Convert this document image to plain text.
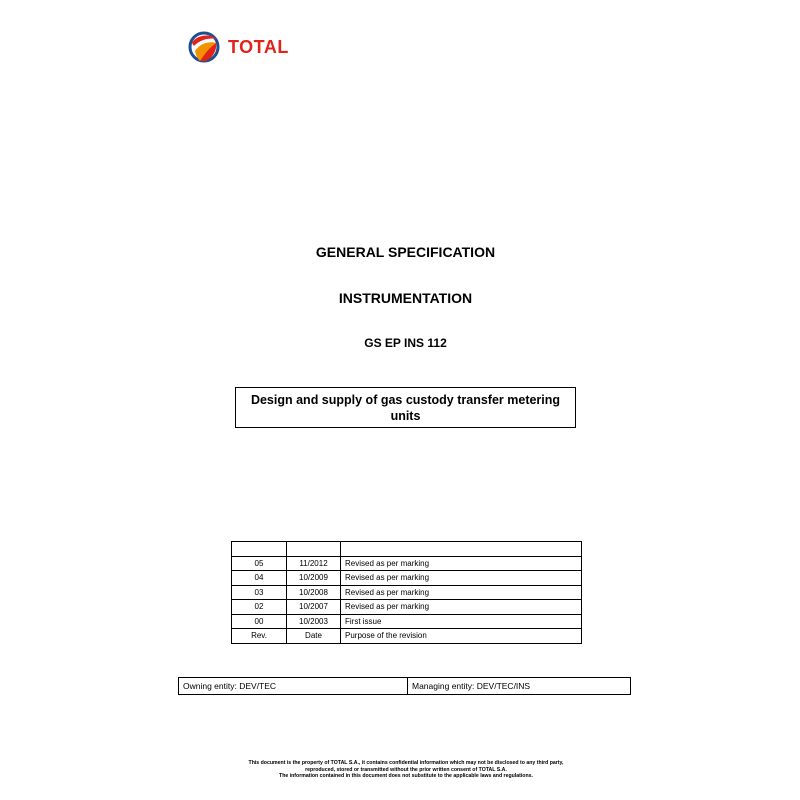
TOTAL
GENERAL SPECIFICATION
INSTRUMENTATION
GS EP INS 112
Design and supply of gas custody transfer metering units

05	11/2012	Revised as per marking
04	10/2009	Revised as per marking
03	10/2008	Revised as per marking
02	10/2007	Revised as per marking
00	10/2003	First issue
Rev.	Date	Purpose of the revision
Owning entity: DEV/TEC	Managing entity: DEV/TEC/INS
This document is the property of TOTAL S.A., it contains confidential information which may not be disclosed to any third party,
reproduced, stored or transmitted without the prior written consent of TOTAL S.A.
The information contained in this document does not substitute to the applicable laws and regulations.
